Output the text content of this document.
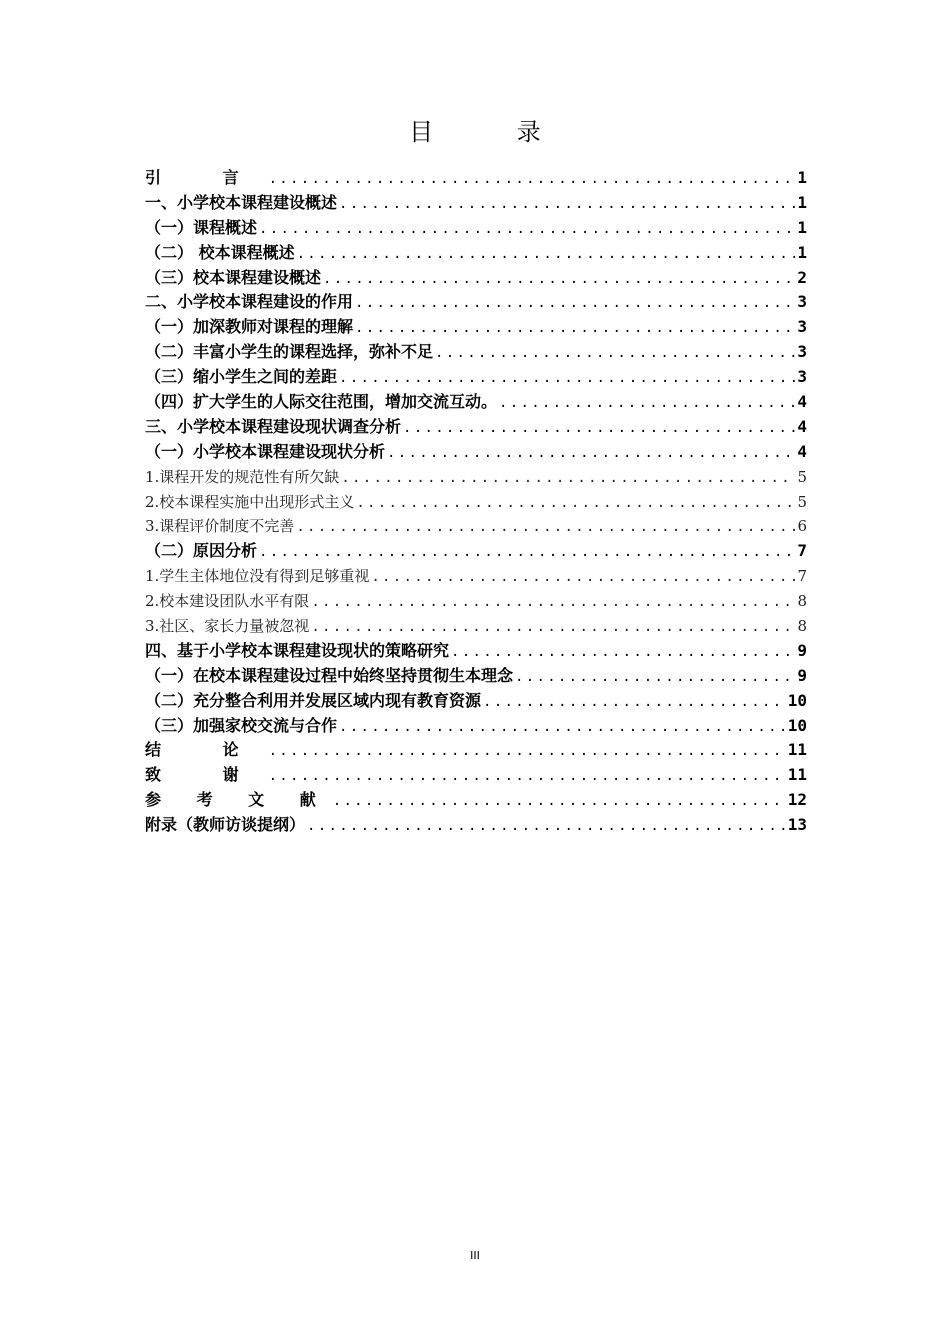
目 录
引 言 .....	1
一、小学校本课程建设概述 .....	1
（一）课程概述 .....	1
（二） 校本课程概述 .....	1
（三）校本课程建设概述 .....	2
二、小学校本课程建设的作用 .....	3
（一）加深教师对课程的理解 .....	3
（二）丰富小学生的课程选择，弥补不足 .....	3
（三）缩小学生之间的差距 .....	3
（四）扩大学生的人际交往范围，增加交流互动。 .....	4
三、小学校本课程建设现状调查分析 .....	4
（一）小学校本课程建设现状分析 .....	4
1.课程开发的规范性有所欠缺 .....	5
2.校本课程实施中出现形式主义 .....	5
3.课程评价制度不完善 .....	6
（二）原因分析 .....	7
1.学生主体地位没有得到足够重视 .....	7
2.校本建设团队水平有限 .....	8
3.社区、家长力量被忽视 .....	8
四、基于小学校本课程建设现状的策略研究 .....	9
（一）在校本课程建设过程中始终坚持贯彻生本理念 .....	9
（二）充分整合利用并发展区域内现有教育资源 .....	10
（三）加强家校交流与合作 .....	10
结 论 .....	11
致 谢 .....	11
参 考 文 献 .....	12
附录（教师访谈提纲） .....	13
III
